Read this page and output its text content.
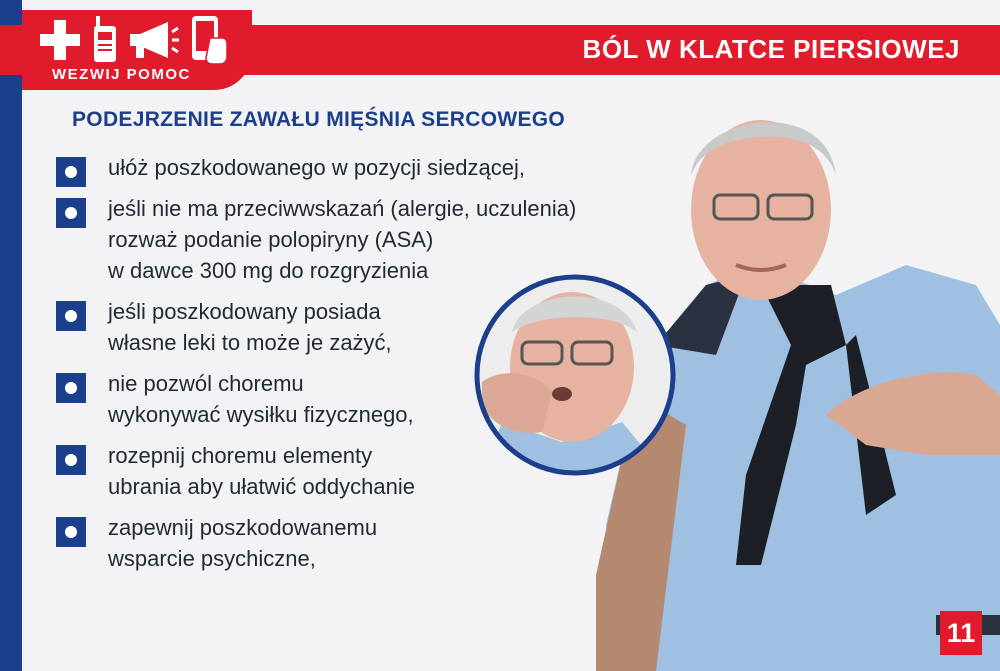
WEZWIJ POMOC
BÓL W KLATCE PIERSIOWEJ
PODEJRZENIE ZAWAŁU MIĘŚNIA SERCOWEGO
ułóż poszkodowanego w pozycji siedzącej,
jeśli nie ma przeciwwskazań (alergie, uczulenia)
rozważ podanie polopiryny (ASA)
w dawce 300 mg do rozgryzienia
jeśli poszkodowany posiada
własne leki to może je zażyć,
nie pozwól choremu
wykonywać wysiłku fizycznego,
rozepnij choremu elementy
ubrania aby ułatwić oddychanie
zapewnij poszkodowanemu
wsparcie psychiczne,
11
